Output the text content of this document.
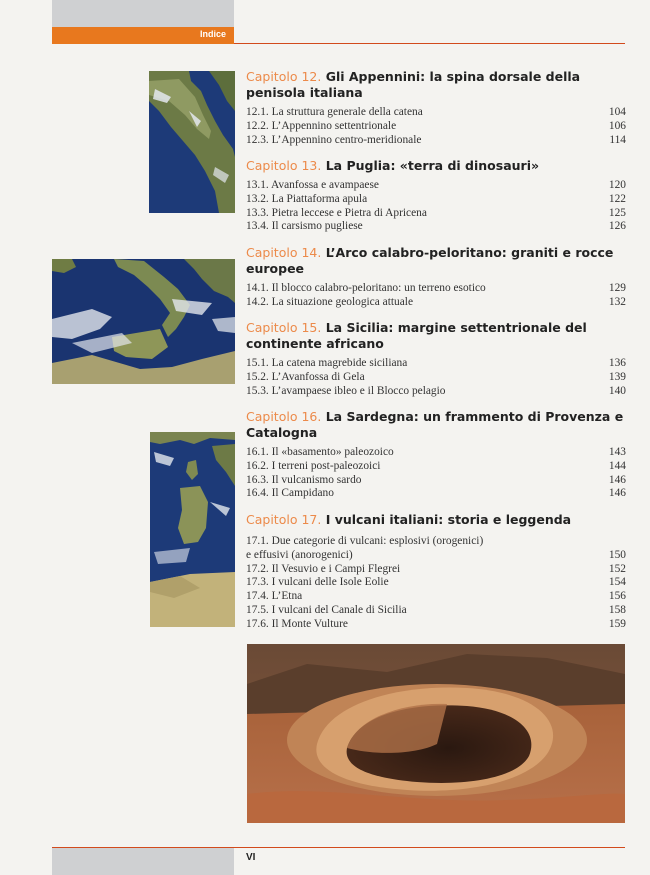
Indice
Capitolo 12. Gli Appennini: la spina dorsale della penisola italiana
12.1. La struttura generale della catena	104
12.2. L’Appennino settentrionale	106
12.3. L’Appennino centro-meridionale	114
Capitolo 13. La Puglia: «terra di dinosauri»
13.1. Avanfossa e avampaese	120
13.2. La Piattaforma apula	122
13.3. Pietra leccese e Pietra di Apricena	125
13.4. Il carsismo pugliese	126
Capitolo 14. L’Arco calabro-peloritano: graniti e rocce europee
14.1. Il blocco calabro-peloritano: un terreno esotico	129
14.2. La situazione geologica attuale	132
Capitolo 15. La Sicilia: margine settentrionale del continente africano
15.1. La catena magrebide siciliana	136
15.2. L’Avanfossa di Gela	139
15.3. L’avampaese ibleo e il Blocco pelagio	140
Capitolo 16. La Sardegna: un frammento di Provenza e Catalogna
16.1. Il «basamento» paleozoico	143
16.2. I terreni post-paleozoici	144
16.3. Il vulcanismo sardo	146
16.4. Il Campidano	146
Capitolo 17. I vulcani italiani: storia e leggenda
17.1. Due categorie di vulcani: esplosivi (orogenici)
e effusivi (anorogenici)	150
17.2. Il Vesuvio e i Campi Flegrei	152
17.3. I vulcani delle Isole Eolie	154
17.4. L’Etna	156
17.5. I vulcani del Canale di Sicilia	158
17.6. Il Monte Vulture	159
VI
